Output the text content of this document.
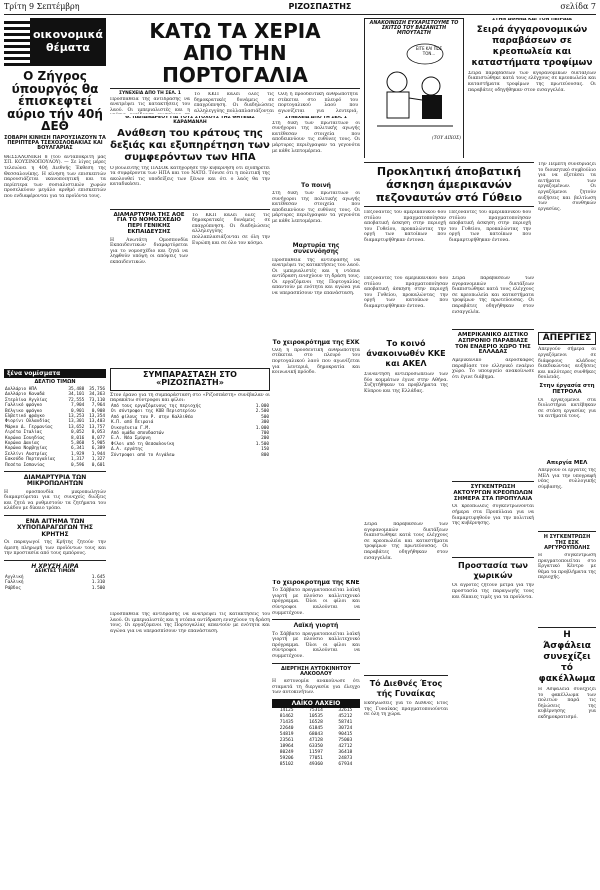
Τρίτη 9 Σεπτέμβρη	ΡΙΖΟΣΠΑΣΤΗΣ	σελίδα 7
οικονομικά θέματα
Ο Ζήγρος ύπουργός θα έπισκεφτεί αύριο τήν 40ή ΔΕΘ
ΣΟΒΑΡΗ ΚΙΝΗΣΗ ΠΑΡΟΥΣΙΑΖΟΥΝ ΤΑ ΠΕΡΙΠΤΕΡΑ ΤΣΕΧΟΣΛΟΒΑΚΙΑΣ ΚΑΙ ΒΟΥΛΓΑΡΙΑΣ
ΘΕΣΣΑΛΟΝΙΚΗ 8 (τού άνταποκριτή μας ΣΠ. ΚΟΥΣΙΝΟΠΟΥΛΟΥ). — Σε λίγες μέρες τελειώνει η 40ή Διεθνής Έκθεση της Θεσσαλονίκης. Η κίνηση των επισκεπτών παρουσιάζεται ικανοποιητική και τα περίπτερα των σοσιαλιστικών χωρών προσελκύουν μεγάλο αριθμό επισκεπτών που ενδιαφέρονται για τα προϊόντα τους.
ξένα νομίσματα
ΔΕΛΤΙΟ ΤΙΜΩΝ
Δολλάριο ΗΠΑ	35,488	35,756
Δολλάριο Καναδά	34,101	34,363
Στερλίνα Αγγλίας	72,555	73,110
Γαλλικό φράγκο	7,904	7,964
Βέλγικο φράγκο	0,901	0,908
Ελβετικό φράγκο	13,253	13,354
Φιορίνι Ολλανδίας	13,301	13,403
Μάρκο Δ. Γερμανίας	13,652	13,757
Λιρέτα Ιταλίας	0,052	0,053
Κορώνα Σουηδίας	8,016	8,077
Κορώνα Δανίας	5,860	5,905
Κορώνα Νορβηγίας	6,341	6,389
Σελλίνι Αυστρίας	1,929	1,944
Εσκούδο Πορτογαλίας	1,317	1,327
Πεσέτα Ισπανίας	0,596	0,601
ΔΙΑΜΑΡΤΥΡΙΑ ΤΩΝ ΜΙΚΡΟΠΩΛΗΤΩΝ
Η ομοσπονδία μικροπωλητών διαμαρτύρεται για τις συνεχείς διώξεις και ζητά να ρυθμιστούν τα ζητήματα του κλάδου με δίκαιο τρόπο.
ΕΝΑ ΑΙΤΗΜΑ ΤΩΝ ΧΥΠΟΠΑΡΑΓΩΓΩΝ ΤΗΣ ΚΡΗΤΗΣ
Οι παραγωγοί της Κρήτης ζητούν την άμεση πληρωμή των προϊόντων τους και την προστασία από τους εμπόρους.
Η ΧΡΥΣΗ ΛΙΡΑ
ΔΕΙΚΤΕΣ ΤΙΜΩΝ
Αγγλική	1.645
Γαλλική	1.310
Ράβδος	1.500
ΚΑΤΩ ΤΑ ΧΕΡΙΑ ΑΠΟ ΤΗΝ ΠΟΡΤΟΓΑΛΙΑ
ΣΥΝΕΧΕΙΑ ΑΠΟ ΤΗ ΣΕΛ. 1
Προσπάθεια της αντίδρασης να ανατρέψει τις κατακτήσεις του λαού. Οι ιμπεριαλιστές και η
Το ΚΚΠ καλεί όλες τις δημοκρατικές δυνάμεις σε επαγρύπνηση. Οι διαδηλώσεις αλληλεγγύης πολλαπλασιάζονται
Όλη η προοδευτική ανθρωπότητα στέκεται στο πλευρό του πορτογαλικού λαού που αγωνίζεται για λευτεριά,
Θ. ΠΑΠΑΝΔΡΕΟΥ ΓΙΑ ΤΟΥΣ ΣΤΟΧΟΥΣ ΤΗΣ ΘΗΤΕΙΑΣ ΚΑΡΑΜΑΝΛΗ
Ανάθεση του κράτους της δεξιάς και εξυπηρέτηση των συμφερόντων των ΗΠΑ
Ο βουλευτής της ΠΑΣΟΚ κατηγόρησε την κυβέρνηση ότι εξυπηρετεί τα συμφέροντα των ΗΠΑ και του ΝΑΤΟ. Τόνισε ότι η πολιτική της ακολουθεί τις υποδείξεις των ξένων και ότι ο λαός θα την καταδικάσει.
ΔΙΑΜΑΡΤΥΡΙΑ ΤΗΣ ΑΟΕ ΓΙΑ ΤΟ ΝΟΜΟΣΧΕΔΙΟ ΠΕΡΙ ΓΕΝΙΚΗΣ ΕΚΠΑΙΔΕΥΣΗΣ
Η Ανωτάτη Ομοσπονδία Εκπαιδευτικών διαμαρτύρεται για το νομοσχέδιο και ζητά να ληφθούν υπόψη οι απόψεις των εκπαιδευτικών.
Το ΚΚΠ καλεί όλες τις δημοκρατικές δυνάμεις σε επαγρύπνηση. Οι διαδηλώσεις αλληλεγγύης πολλαπλασιάζονται σε όλη την Ευρώπη και σε όλο τον κόσμο.
ΣΥΜΠΑΡΑΣΤΑΣΗ ΣΤΟ «ΡΙΖΟΣΠΑΣΤΗ»
Στον έρανο για τη συμπαράσταση στο «Ριζοσπάστη» συνέβαλαν οι παρακάτω σύντροφοι και φίλοι:
Από τους εργαζόμενους της περιοχής	1.000
Οι σύντροφοι της ΚΟΒ Περιστερίου	2.500
Από φίλους του Ρ. στην Καλλιθέα	500
Κ.Π. από Πειραιά	300
Οικογένεια Γ.Μ.	1.000
Από ομάδα σπουδαστών	700
Ε.Λ. Νέα Σμύρνη	200
Φίλοι από τη Θεσσαλονίκη	1.500
Δ.Α. εργάτης	150
Σύντροφοι από το Αιγάλεω	800
ΣΥΝΕΧΕΙΑ ΑΠΟ ΤΗ ΣΕΛ. 1
Στη δίκη των πρωταιτίων οι συνήγοροι της πολιτικής αγωγής κατέθεσαν στοιχεία που αποδεικνύουν τις ευθύνες τους. Οι μάρτυρες περιέγραψαν τα γεγονότα με κάθε λεπτομέρεια.
Το ποινή
Στη δίκη των πρωταιτίων οι συνήγοροι της πολιτικής αγωγής κατέθεσαν στοιχεία που αποδεικνύουν τις ευθύνες τους. Οι μάρτυρες περιέγραψαν τα γεγονότα με κάθε λεπτομέρεια.
Μαρτυρία της συνεννόησης
Προσπάθεια της αντίδρασης να ανατρέψει τις κατακτήσεις του λαού. Οι ιμπεριαλιστές και η ντόπια αντίδραση ενισχύουν τη δράση τους. Οι εργαζόμενοι της Πορτογαλίας απαντούν με ενότητα και αγώνα για να υπερασπίσουν την επανάσταση.
Το χειροκρότημα της ΕΧΚ
Όλη η προοδευτική ανθρωπότητα στέκεται στο πλευρό του πορτογαλικού λαού που αγωνίζεται για λευτεριά, δημοκρατία και κοινωνική πρόοδο.
Το χειροκρότημα της ΚΝΕ
Το Σάββατο πραγματοποιείται λαϊκή γιορτή με πλούσιο καλλιτεχνικό πρόγραμμα. Όλοι οι φίλοι και σύντροφοι καλούνται να συμμετέχουν.
Λαϊκή γιορτή
Το Σάββατο πραγματοποιείται λαϊκή γιορτή με πλούσιο καλλιτεχνικό πρόγραμμα. Όλοι οι φίλοι και σύντροφοι καλούνται να συμμετέχουν.
ΔΙΕΡΓΗΣΗ ΑΥΤΟΚΙΝΗΤΟΥ ΑΛΚΟΟΛΟΥ
Η αστυνομία ανακοίνωσε ότι σταματά τη διεργασία για έλεγχο των αυτοκινήτων.
ΛΑΪΚΟ ΛΑΧΕΙΟ
14125	75314	32615
81462	10535	45212
71435	16528	58741
22640	61845	30724
54819	68043	90415
23561	47128	75003
18964	63350	42712
80249	11597	36418
59206	77051	24873
85102	49360	67934
Προσπάθεια της αντίδρασης να ανατρέψει τις κατακτήσεις του λαού. Οι ιμπεριαλιστές και η ντόπια αντίδραση ενισχύουν τη δράση τους. Οι εργαζόμενοι της Πορτογαλίας απαντούν με ενότητα και αγώνα για να υπερασπίσουν την επανάσταση.
ΑΝΑΚΟΙΝΩΣΗ ΕΥΧΑΡΙΣΤΟΥΜΕ ΤΟ ΣΚΙΤΣΟ ΤΟΥ ΒΑΣΑΝΙΣΤΗ ΜΠΟΥΤΑΣΤΗ
ΕΙΤΕ ΚΑΙ ΠΩΣ ΤΟΝ...
(ΤΟΥ ΔΙΧΟΣ)
ΣΤΗΝ ΑΘΗΝΑ ΚΑΙ ΤΟΝ ΠΕΙΡΑΙΑ
Σειρά άγγαρονομικών παραβάσεων σε κρεοπωλεία και καταστήματα τροφίμων
Σειρά παραβάσεων των αγορανομικών διατάξεων διαπιστώθηκε κατά τους ελέγχους σε κρεοπωλεία και καταστήματα τροφίμων της πρωτεύουσας. Οι παραβάτες οδηγήθηκαν στον εισαγγελέα.
Προκλητική άποβατική άσκηση άμερικανών πεζοναυτών στό Γύθειο
Πεζοναύτες του αμερικανικού 6ου στόλου πραγματοποίησαν αποβατική άσκηση στην περιοχή του Γυθείου, προκαλώντας την οργή των κατοίκων που διαμαρτυρήθηκαν έντονα.
Πεζοναύτες του αμερικανικού 6ου στόλου πραγματοποίησαν αποβατική άσκηση στην περιοχή του Γυθείου, προκαλώντας την οργή των κατοίκων που διαμαρτυρήθηκαν έντονα.
Πεζοναύτες του αμερικανικού 6ου στόλου πραγματοποίησαν αποβατική άσκηση στην περιοχή του Γυθείου, προκαλώντας την οργή των κατοίκων που διαμαρτυρήθηκαν έντονα.
Το κοινό άνακοινωθέν ΚΚΕ και ΑΚΕΛ
Συνάντηση αντιπροσωπειών των δύο κομμάτων έγινε στην Αθήνα. Συζητήθηκαν τα προβλήματα της Κύπρου και της Ελλάδας.
Σειρά παραβάσεων των αγορανομικών διατάξεων διαπιστώθηκε κατά τους ελέγχους σε κρεοπωλεία και καταστήματα τροφίμων της πρωτεύουσας. Οι παραβάτες οδηγήθηκαν στον εισαγγελέα.
Τό Διεθνές Έτος τής Γυναίκας
Εκδηλώσεις για το Διεθνές Έτος της Γυναίκας πραγματοποιούνται σε όλη τη χώρα.
Σειρά παραβάσεων των αγορανομικών διατάξεων διαπιστώθηκε κατά τους ελέγχους σε κρεοπωλεία και καταστήματα τροφίμων της πρωτεύουσας. Οι παραβάτες οδηγήθηκαν στον εισαγγελέα.
ΑΜΕΡΙΚΑΝΙΚΟ ΔΙΣΤΙΚΟ ΑΣΠΡΟΝΙΟ ΠΑΡΑΒΙΑΣΕ ΤΟΝ ΕΝΑΕΡΙΟ ΧΩΡΟ ΤΗΣ ΕΛΛΑΔΑΣ
Αμερικανικό αεροσκάφος παραβίασε τον ελληνικό εναέριο χώρο. Το υπουργείο ανακοίνωσε ότι έγινε διάβημα.
ΣΥΓΚΕΝΤΡΩΣΗ ΑΚΤΟΥΡΓΩΝ ΚΡΕΟΠΩΛΩΝ ΣΗΜΕΡΑ ΣΤΑ ΠΡΟΠΥΛΑΙΑ
Οι κρεοπωλείς συγκεντρώνονται σήμερα στα Προπύλαια για να διαμαρτυρηθούν για την πολιτική της κυβέρνησης.
Προστασία των χωρικών
Οι αγρότες ζητούν μέτρα για την προστασία της παραγωγής τους και δίκαιες τιμές για τα προϊόντα.
Την Πέμπτη συνεδριάζει το διοικητικό συμβούλιο για να εξετάσει τα αιτήματα των εργαζομένων. Οι εργαζόμενοι ζητούν αυξήσεις και βελτίωση των συνθηκών εργασίας.
ΑΠΕΡΓΙΕΣ
Απεργούν σήμερα οι εργαζόμενοι σε διάφορους κλάδους διεκδικώντας αυξήσεις και καλύτερες συνθήκες δουλειάς.
Στην έργασία στη ΠΕΤΡΟΛΑ
Οι εργαζόμενοι στα διυλιστήρια κατέβηκαν σε στάση εργασίας για τα αιτήματά τους.
Απεργία ΜΕΛ
Απεργούν οι εργάτες της ΜΕΛ για την υπογραφή νέας συλλογικής σύμβασης.
Η ΣΥΓΚΕΝΤΡΩΣΗ ΤΗΣ ΕΣΚ ΑΡΓΥΡΟΥΠΟΛΗΣ
Η συγκέντρωση πραγματοποιείται στο Εργατικό Κέντρο με θέμα τα προβλήματα της περιοχής.
Η Άσφάλεια συνεχίζει τό φακέλλωμα
Η Ασφάλεια συνεχίζει το φακέλλωμα των πολιτών παρά τις δηλώσεις της κυβέρνησης για εκδημοκρατισμό.
